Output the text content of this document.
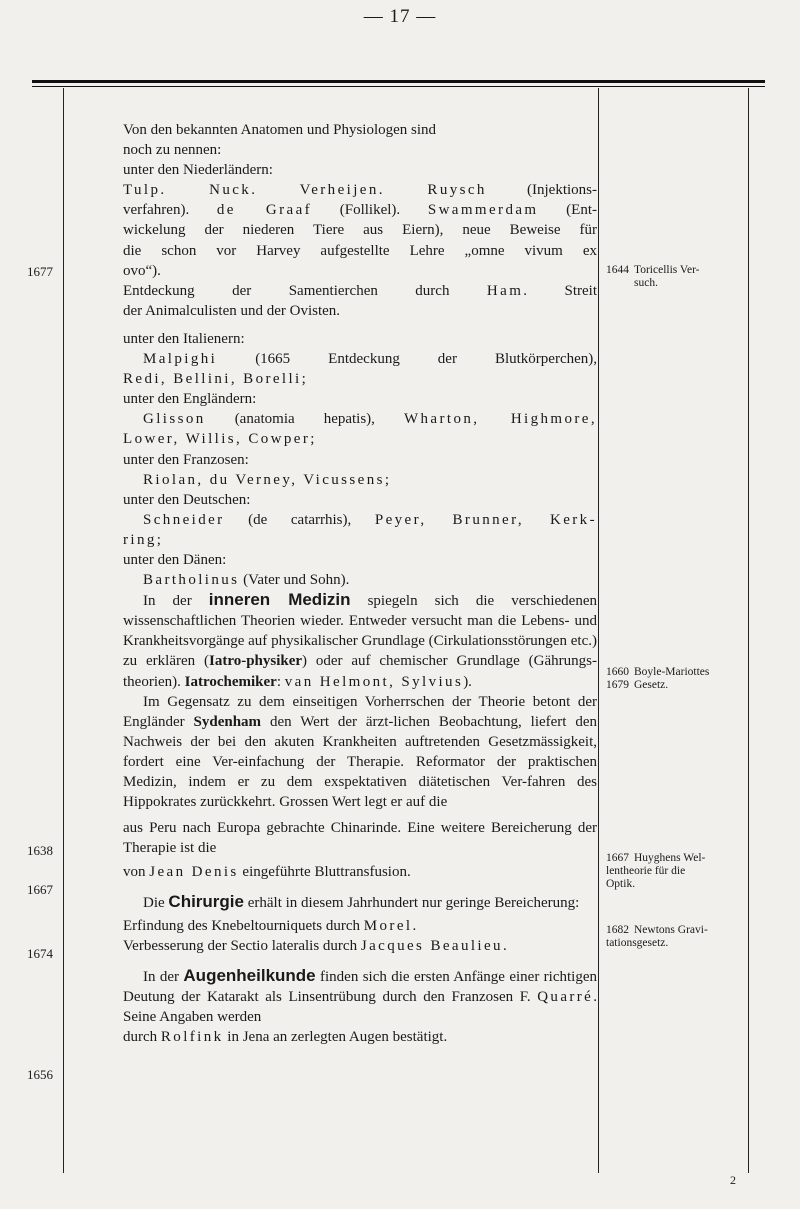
— 17 —
1677
1638
1667
1674
1656

Von den bekannten Anatomen und Physiologen sind

noch zu nennen:

unter den Niederländern:

Tulp. Nuck. Verheijen. Ruysch (Injektions-

verfahren). de Graaf (Follikel). Swammerdam (Ent-

wickelung der niederen Tiere aus Eiern), neue Beweise für

die schon vor Harvey aufgestellte Lehre „omne vivum ex

ovo“).

Entdeckung der Samentierchen durch Ham. Streit

der Animalculisten und der Ovisten.

unter den Italienern:

Malpighi (1665 Entdeckung der Blutkörperchen),

Redi, Bellini, Borelli;

unter den Engländern:

Glisson (anatomia hepatis), Wharton, Highmore,

Lower, Willis, Cowper;

unter den Franzosen:

Riolan, du Verney, Vicussens;

unter den Deutschen:

Schneider (de catarrhis), Peyer, Brunner, Kerk-

ring;

unter den Dänen:

Bartholinus (Vater und Sohn).

In der inneren Medizin spiegeln sich die verschiedenen wissenschaftlichen Theorien wieder. Entweder versucht man die Lebens- und Krankheitsvorgänge auf physikalischer Grundlage (Cirkulationsstörungen etc.) zu erklären (Iatro-physiker) oder auf chemischer Grundlage (Gährungs-theorien). Iatrochemiker: van Helmont, Sylvius).

Im Gegensatz zu dem einseitigen Vorherrschen der Theorie betont der Engländer Sydenham den Wert der ärzt-lichen Beobachtung, liefert den Nachweis der bei den akuten Krankheiten auftretenden Gesetzmässigkeit, fordert eine Ver-einfachung der Therapie. Reformator der praktischen Medizin, indem er zu dem exspektativen diätetischen Ver-fahren des Hippokrates zurückkehrt. Grossen Wert legt er auf die

aus Peru nach Europa gebrachte Chinarinde. Eine weitere Bereicherung der Therapie ist die

von Jean Denis eingeführte Bluttransfusion.

Die Chirurgie erhält in diesem Jahrhundert nur geringe Bereicherung:

Erfindung des Knebeltourniquets durch Morel.

Verbesserung der Sectio lateralis durch Jacques Beaulieu.

In der Augenheilkunde finden sich die ersten Anfänge einer richtigen Deutung der Katarakt als Linsentrübung durch den Franzosen F. Quarré. Seine Angaben werden

durch Rolfink in Jena an zerlegten Augen bestätigt.

1644 Toricellis Ver-
such.
1660 Boyle-Mariottes
1679 Gesetz.
1667 Huyghens Wel-
lentheorie für die
Optik.
1682 Newtons Gravi-
tationsgesetz.
2
